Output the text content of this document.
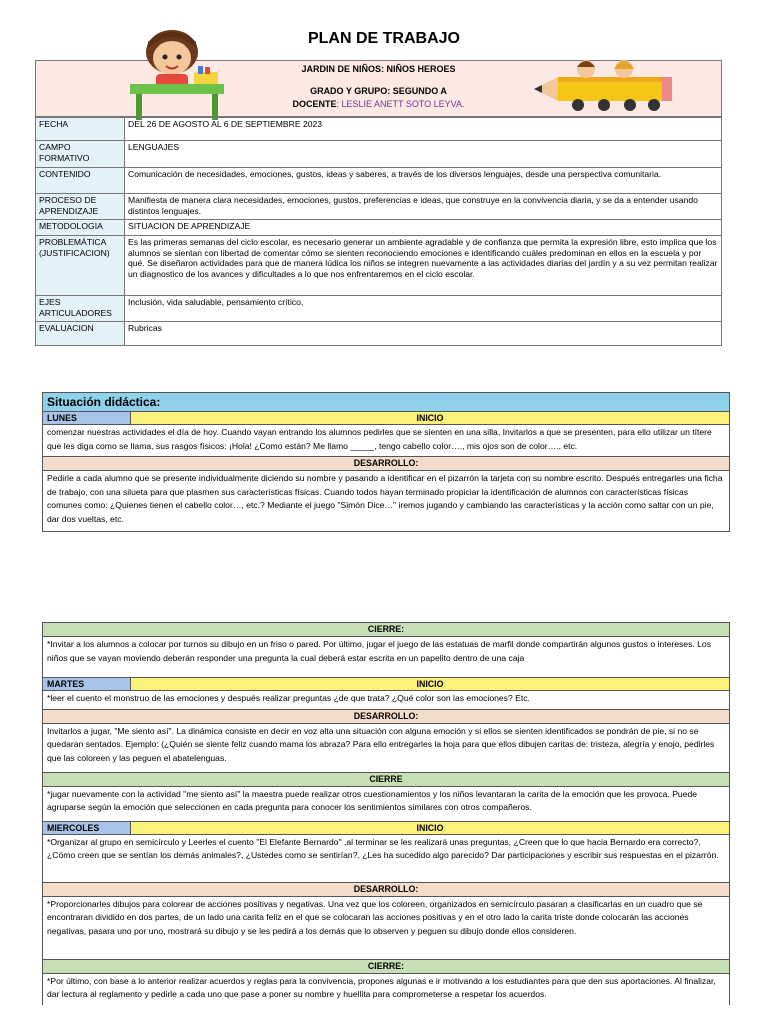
PLAN DE TRABAJO
JARDIN DE NIÑOS: NIÑOS HEROES
GRADO Y GRUPO: SEGUNDO A
DOCENTE: LESLIE ANETT SOTO LEYVA.
FECHA	DEL 26 DE AGOSTO AL 6 DE SEPTIEMBRE 2023
CAMPO FORMATIVO	LENGUAJES
CONTENIDO	Comunicación de necesidades, emociones, gustos, ideas y saberes, a través de los diversos lenguajes, desde una perspectiva comunitaria.
PROCESO DE APRENDIZAJE	Manifiesta de manera clara necesidades, emociones, gustos, preferencias e ideas, que construye en la convivencia diaria, y se da a entender usando distintos lenguajes.
METODOLOGIA	SITUACION DE APRENDIZAJE
PROBLEMÁTICA (JUSTIFICACION)	Es las primeras semanas del ciclo escolar, es necesario generar un ambiente agradable y de confianza que permita la expresión libre, esto implica que los alumnos se sientan con libertad de comentar cómo se sienten reconociendo emociones e identificando cuáles predominan en ellos en la escuela y por qué. Se diseñaron actividades para que de manera lúdica los niños se integren nuevamente a las actividades diarias del jardín y a su vez permitan realizar un diagnostico de los avances y dificultades a lo que nos enfrentaremos en el ciclo escolar.
EJES ARTICULADORES	Inclusión, vida saludable, pensamiento crítico,
EVALUACION	Rubricas
Situación didáctica:
LUNES	INICIO
comenzar nuestras actividades el día de hoy. Cuando vayan entrando los alumnos pedirles que se sienten en una silla, Invitarlos a que se presenten, para ello utilizar un títere que les diga como se llama, sus rasgos físicos: ¡Hola! ¿Como están? Me llamo _____, tengo cabello color…., mis ojos son de color…., etc.
DESARROLLO:
Pedirle a cada alumno que se presente individualmente diciendo su nombre y pasando a identificar en el pizarrón la tarjeta con su nombre escrito. Después entregarles una ficha de trabajo, con una silueta para que plasmen sus características físicas. Cuando todos hayan terminado propiciar la identificación de alumnos con características físicas comunes como: ¿Quienes tienen el cabello color…, etc.? Mediante el juego "Simón Dice…" iremos jugando y cambiando las características y la acción como saltar con un pie, dar dos vueltas, etc.
CIERRE:
*Invitar a los alumnos a colocar por turnos su dibujo en un friso o pared. Por último, jugar el juego de las estatuas de marfil donde compartirán algunos gustos o intereses. Los niños que se vayan moviendo deberán responder una pregunta la cual deberá estar escrita en un papelito dentro de una caja
MARTES	INICIO
*leer el cuento el monstruo de las emociones y después realizar preguntas ¿de que trata? ¿Qué color son las emociones? Etc.
DESARROLLO:
Invitarlos a jugar, "Me siento así". La dinámica consiste en decir en voz alta una situación con alguna emoción y si ellos se sienten identificados se pondrán de pie, si no se quedaran sentados. Ejemplo: (¿Quién se siente feliz cuando mama los abraza? Para ello entregarles la hoja para que ellos dibujen caritas de: tristeza, alegría y enojo, pedirles que las coloreen y las peguen el abatelenguas.
CIERRE
*jugar nuevamente con la actividad "me siento así" la maestra puede realizar otros cuestionamientos y los niños levantaran la carita de la emoción que les provoca. Puede agruparse según la emoción que seleccionen en cada pregunta para conocer los sentimientos similares con otros compañeros.
MIERCOLES	INICIO
*Organizar al grupo en semicírculo y Leerles el cuento "El Elefante Bernardo" ,al terminar se les realizará unas preguntas, ¿Creen que lo que hacia Bernardo era correcto?, ¿Cómo creen que se sentían los demás animales?, ¿Ustedes como se sentirían?, ¿Les ha sucedido algo parecido? Dar participaciones y escribir sus respuestas en el pizarrón.
DESARROLLO:
*Proporcionarles dibujos para colorear de acciones positivas y negativas. Una vez que los coloreen, organizados en semicírculo pasaran a clasificarlas en un cuadro que se encontraran dividido en dos partes, de un lado una carita feliz en el que se colocaran las acciones positivas y en el otro lado la carita triste donde colocarán las acciones negativas, pasara uno por uno, mostrará su dibujo y se les pedirá a los demás que lo observen y peguen su dibujo donde ellos consideren.
CIERRE:
*Por último, con base a lo anterior realizar acuerdos y reglas para la convivencia, propones algunas e ir motivando a los estudiantes para que den sus aportaciones. Al finalizar, dar lectura al reglamento y pedirle a cada uno que pase a poner su nombre y huellita para comprometerse a respetar los acuerdos.
